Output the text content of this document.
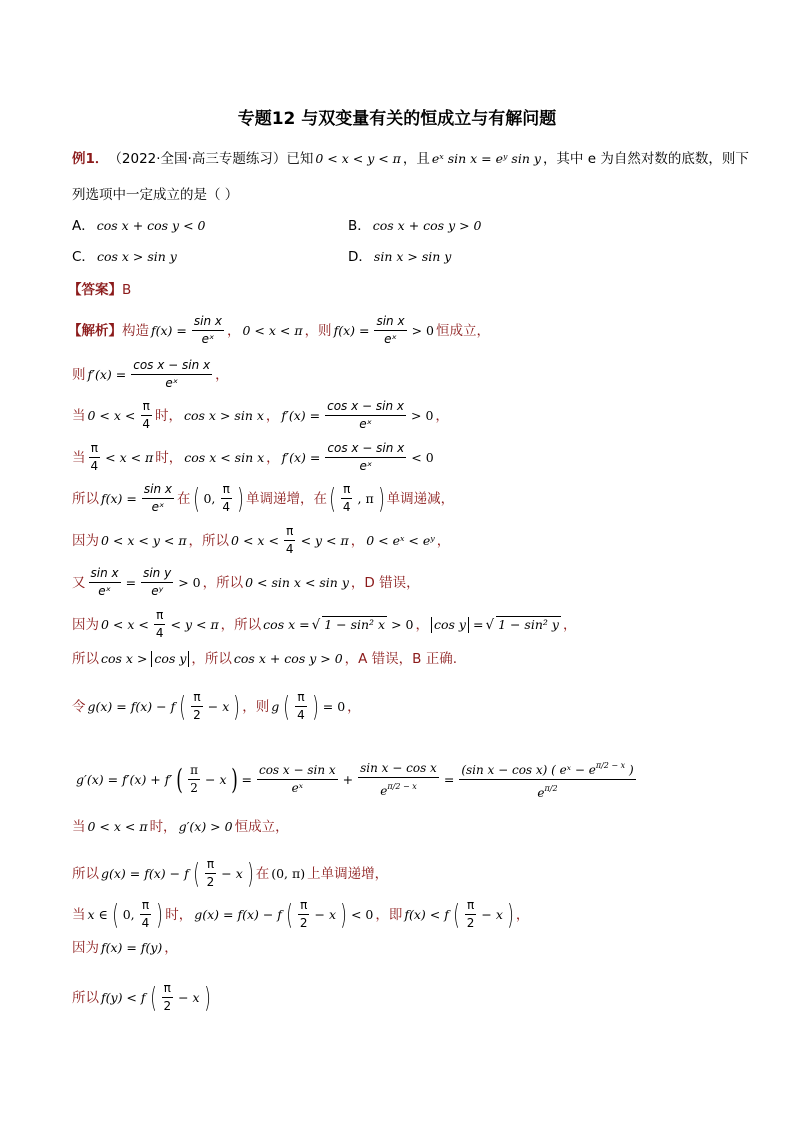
专题12 与双变量有关的恒成立与有解问题
例1． （2022·全国·高三专题练习） 已知 0 < x < y < π ，且 eˣ sin x = eʸ sin y ，其中 e 为自然对数的底数，则下
列选项中一定成立的是（ ）
A． cos x + cos y < 0	B． cos x + cos y > 0
C． cos x > sin y	D． sin x > sin y
【答案】 B
【解析】 构造 $f(x) = \frac{\text{sin x}}{\text{eˣ}}$ ， 0 < x < π ，则 $f(x) = \frac{\text{sin x}}{\text{eˣ}} > 0$ 恒成立，
则 $f'(x) = \frac{\text{cos x − sin x}}{\text{eˣ}}$ ，
当 $0 < x < \frac{\pi}{4}$ 时， cos x > sin x ， $f'(x) = \frac{\text{cos x − sin x}}{\text{eˣ}} > 0$ ，
当 $\frac{\pi}{4} < x < \pi$ 时， cos x < sin x ， $f'(x) = \frac{\text{cos x − sin x}}{\text{eˣ}} < 0$
所以 $f(x) = \frac{\text{sin x}}{\text{eˣ}}$ 在 ( 0, $\frac{\pi}{4}$ ) 单调递增，在 ( $\frac{\pi}{4}$ , π ) 单调递减，
因为 0 < x < y < π ，所以 $0 < x < \frac{\pi}{4} < y < \pi$ ， 0 < eˣ < eʸ ，
又 $\frac{\text{sin x}}{\text{eˣ}} = \frac{\text{sin y}}{\text{eʸ}} > 0$ ，所以 0 < sin x < sin y ，D 错误，
因为 $0 < x < \frac{\pi}{4} < y < \pi$ ，所以 cos x = √ 1 − sin² x > 0 ， cos y = √ 1 − sin² y ，
所以 cos x > cos y ，所以 cos x + cos y > 0 ，A 错误，B 正确.
令 g(x) = f(x) − f ( $\frac{\pi}{2} - x$ ) ，则 g ( $\frac{\pi}{4}$ ) = 0 ，
g′(x) = f′(x) + f′ ( $\frac{\pi}{2} - x$ ) = $\frac{\text{cos x − sin x}}{\text{eˣ}} + \frac{\text{sin x − cos x}}{e^{\pi/2 - x}} = \frac{(\sin x - \cos x) ( eˣ - e^{\pi/2 - x} )}{e^{\pi/2}}$
当 0 < x < π 时， g′(x) > 0 恒成立，
所以 g(x) = f(x) − f ( $\frac{\pi}{2} - x$ ) 在 (0, π) 上单调递增，
当 x ∈ ( 0, $\frac{\pi}{4}$ ) 时， g(x) = f(x) − f ( $\frac{\pi}{2} - x$ ) < 0 ，即 f(x) < f ( $\frac{\pi}{2} - x$ ) ，
因为 f(x) = f(y) ，
所以 f(y) < f ( $\frac{\pi}{2} - x$ )
